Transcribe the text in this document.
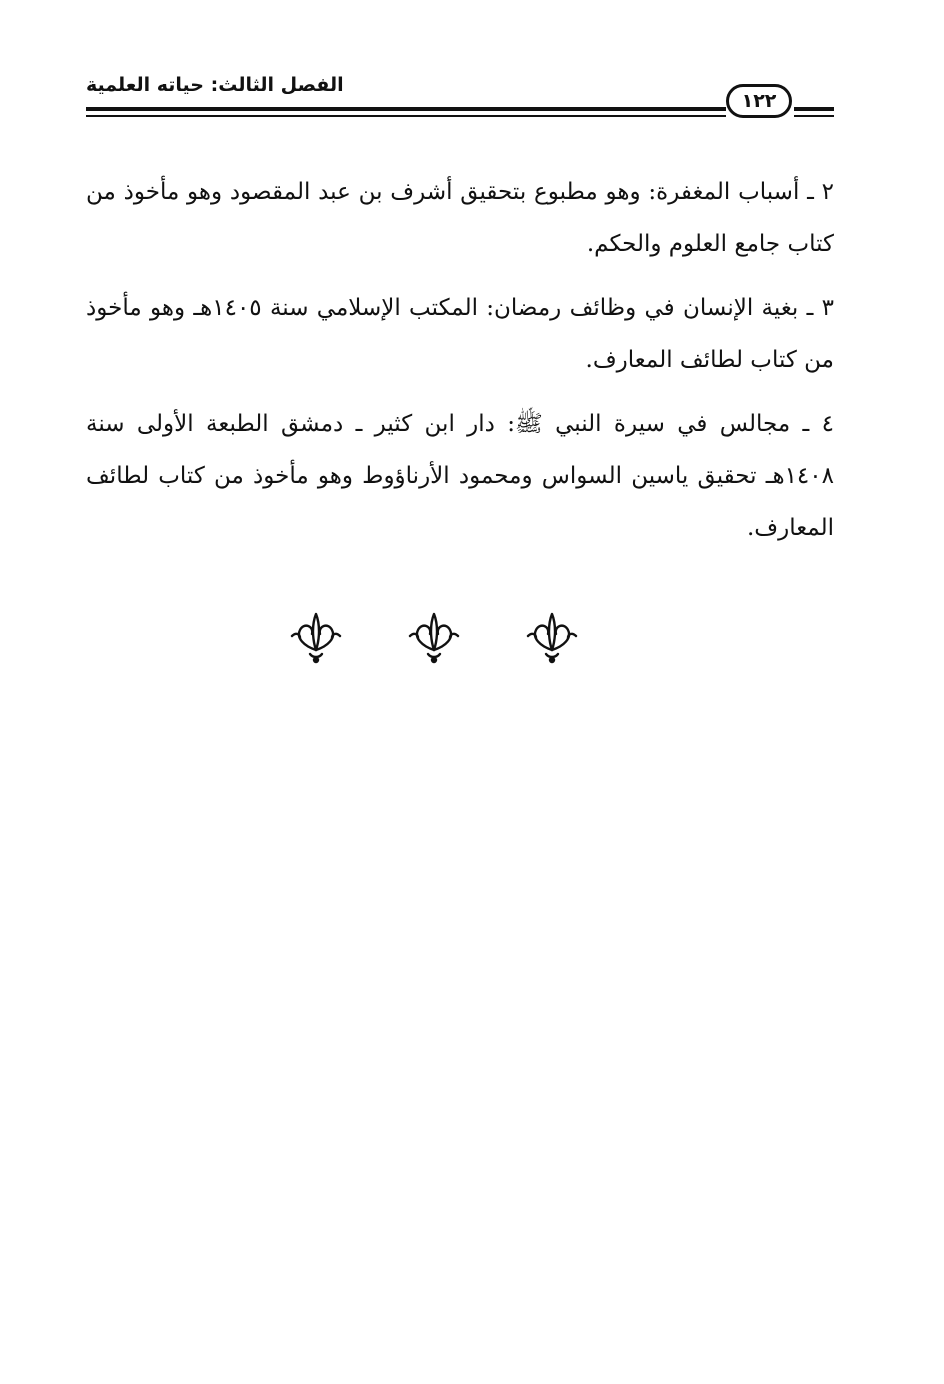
الفصل الثالث: حياته العلمية
١٢٢

٢ ـ أسباب المغفرة: وهو مطبوع بتحقيق أشرف بن عبد المقصود وهو مأخوذ من كتاب جامع العلوم والحكم.

٣ ـ بغية الإنسان في وظائف رمضان: المكتب الإسلامي سنة ١٤٠٥هـ وهو مأخوذ من كتاب لطائف المعارف.

٤ ـ مجالس في سيرة النبي ﷺ: دار ابن كثير ـ دمشق الطبعة الأولى سنة ١٤٠٨هـ تحقيق ياسين السواس ومحمود الأرناؤوط وهو مأخوذ من كتاب لطائف المعارف.
